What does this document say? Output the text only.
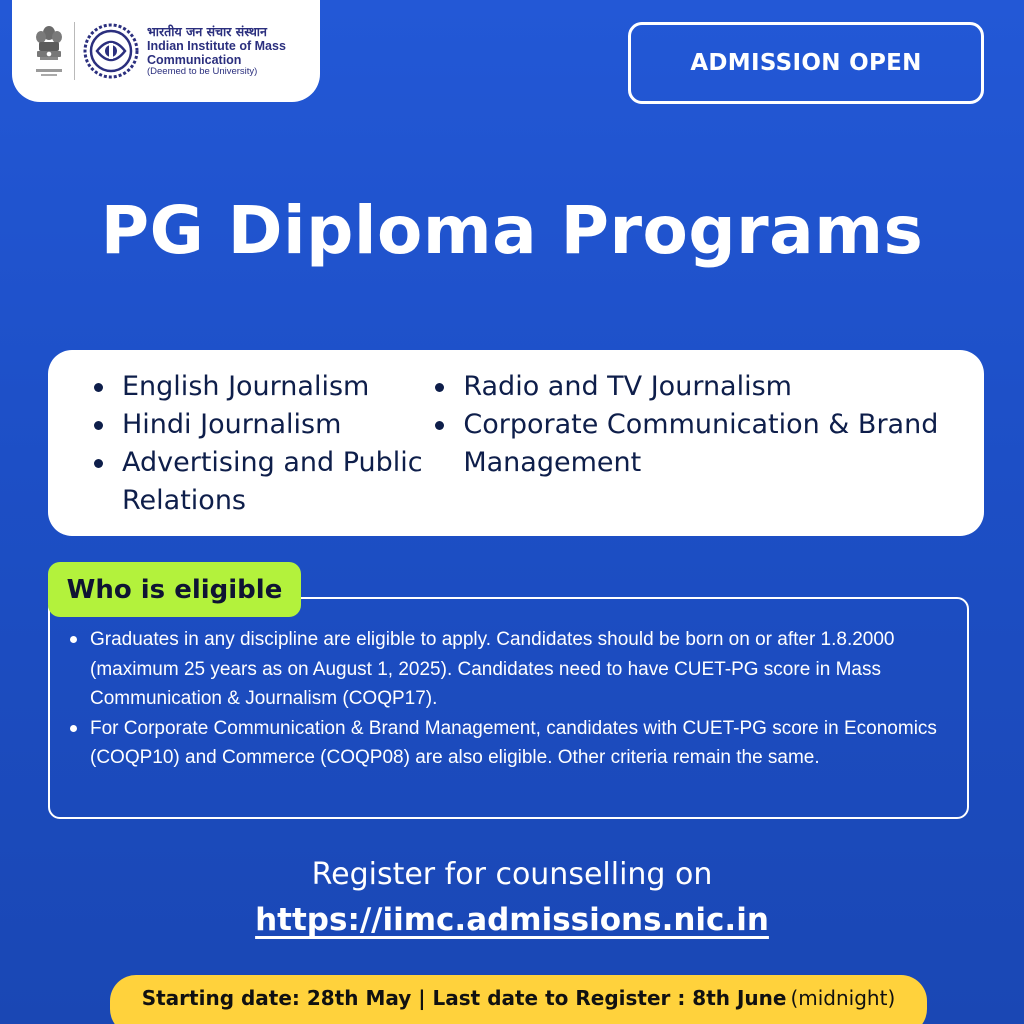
भारतीय जन संचार संस्थान
Indian Institute of Mass
Communication
(Deemed to be University)	ADMISSION OPEN
PG Diploma Programs
English Journalism
Hindi Journalism
Advertising and Public Relations
Radio and TV Journalism
Corporate Communication & Brand Management
Graduates in any discipline are eligible to apply. Candidates should be born on or after 1.8.2000 (maximum 25 years as on August 1, 2025). Candidates need to have CUET-PG score in Mass Communication & Journalism (COQP17).
For Corporate Communication & Brand Management, candidates with CUET-PG score in Economics (COQP10) and Commerce (COQP08) are also eligible. Other criteria remain the same.
Who is eligible
Register for counselling on
https://iimc.admissions.nic.in
Starting date: 28th May | Last date to Register : 8th June (midnight)
